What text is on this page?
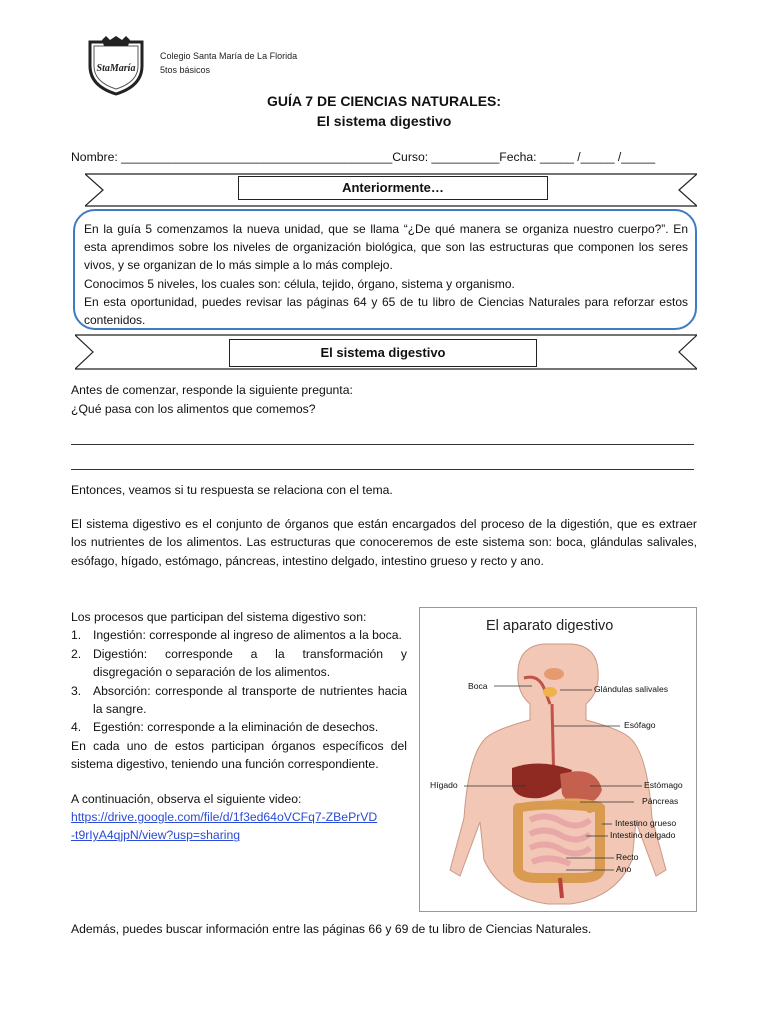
StaMaría
Colegio Santa María de La Florida
5tos básicos
GUÍA 7 DE CIENCIAS NATURALES:
El sistema digestivo
Nombre: ________________________________________Curso: __________Fecha: _____ /_____ /_____
Anteriormente…
En la guía 5 comenzamos la nueva unidad, que se llama “¿De qué manera se organiza nuestro cuerpo?”. En esta aprendimos sobre los niveles de organización biológica, que son las estructuras que componen los seres vivos, y se organizan de lo más simple a lo más complejo.
Conocimos 5 niveles, los cuales son: célula, tejido, órgano, sistema y organismo.
En esta oportunidad, puedes revisar las páginas 64 y 65 de tu libro de Ciencias Naturales para reforzar estos contenidos.
El sistema digestivo
Antes de comenzar, responde la siguiente pregunta:
¿Qué pasa con los alimentos que comemos?
Entonces, veamos si tu respuesta se relaciona con el tema.
El sistema digestivo es el conjunto de órganos que están encargados del proceso de la digestión, que es extraer los nutrientes de los alimentos. Las estructuras que conoceremos de este sistema son: boca, glándulas salivales, esófago, hígado, estómago, páncreas, intestino delgado, intestino grueso y recto y ano.
Los procesos que participan del sistema digestivo son:
1. Ingestión: corresponde al ingreso de alimentos a la boca.
2. Digestión: corresponde a la transformación y disgregación o separación de los alimentos.
3. Absorción: corresponde al transporte de nutrientes hacia la sangre.
4. Egestión: corresponde a la eliminación de desechos.
En cada uno de estos participan órganos específicos del sistema digestivo, teniendo una función correspondiente.
A continuación, observa el siguiente video:
https://drive.google.com/file/d/1f3ed64oVCFq7-ZBePrVD-t9rIyA4qjpN/view?usp=sharing
El aparato digestivo
Boca	Glándulas salivales
Esófago
Hígado	Estómago
Páncreas
Intestino grueso
Intestino delgado
Recto
Ano
Además, puedes buscar información entre las páginas 66 y 69 de tu libro de Ciencias Naturales.
